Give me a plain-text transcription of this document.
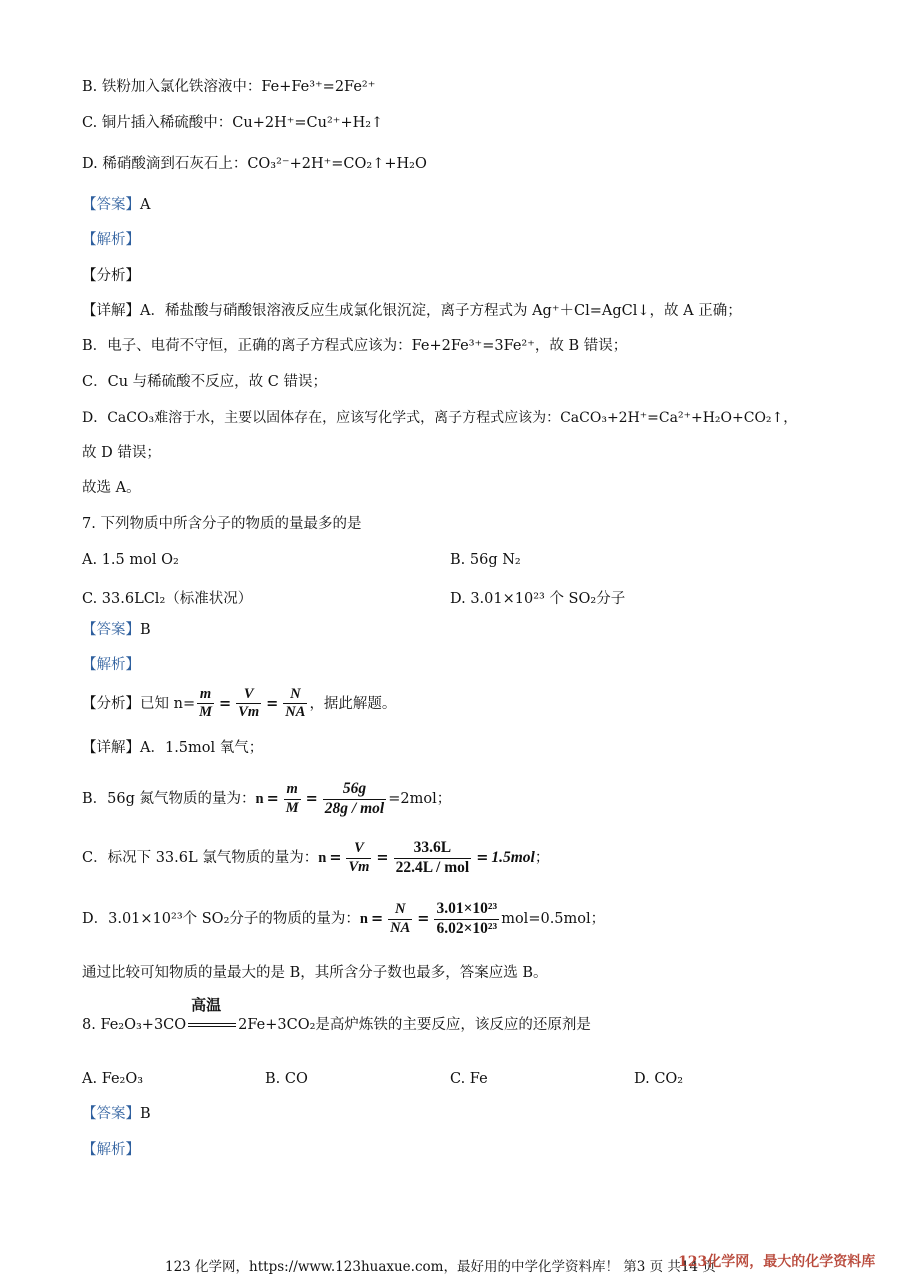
B. 铁粉加入氯化铁溶液中：Fe+Fe³⁺=2Fe²⁺
C. 铜片插入稀硫酸中：Cu+2H⁺=Cu²⁺+H₂↑
D. 稀硝酸滴到石灰石上：CO₃²⁻+2H⁺=CO₂↑+H₂O
【答案】A
【解析】
【分析】
【详解】A．稀盐酸与硝酸银溶液反应生成氯化银沉淀，离子方程式为 Ag⁺＋Cl=AgCl↓，故 A 正确；
B．电子、电荷不守恒，正确的离子方程式应该为：Fe+2Fe³⁺=3Fe²⁺，故 B 错误；
C．Cu 与稀硫酸不反应，故 C 错误；
D．CaCO₃难溶于水，主要以固体存在，应该写化学式，离子方程式应该为：CaCO₃+2H⁺=Ca²⁺+H₂O+CO₂↑，
故 D 错误；
故选 A。
7. 下列物质中所含分子的物质的量最多的是
A. 1.5 mol O₂	B. 56g N₂
C. 33.6LCl₂（标准状况）	D. 3.01×10²³ 个 SO₂分子
【答案】B
【解析】
【分析】已知 $n= \frac{m}{M} = \frac{V}{Vm} = \frac{N}{NA}$ ，据此解题。
【详解】A．1.5mol 氧气；
B．56g 氮气物质的量为：$n = \frac{m}{M} = \frac{56g}{\text{28g / mol}} =2mol$；
C．标况下 33.6L 氯气物质的量为：$n = \frac{V}{Vm} = \frac{33.6L}{\text{22.4L / mol}} = 1.5mol$；
D．3.01×10²³个 SO₂分子的物质的量为：$n = \frac{N}{NA} = \frac{\text{3.01×10²³}}{\text{6.02×10²³}} mol=0.5mol$；
通过比较可知物质的量最大的是 B，其所含分子数也最多，答案应选 B。
8. Fe₂O₃+3CO
高温
2Fe+3CO₂是高炉炼铁的主要反应，该反应的还原剂是
A. Fe₂O₃	B. CO	C. Fe	D. CO₂
【答案】B
【解析】
123 化学网，https://www.123huaxue.com，最好用的中学化学资料库！ 第3 页 共14 页
123化学网，最大的化学资料库
